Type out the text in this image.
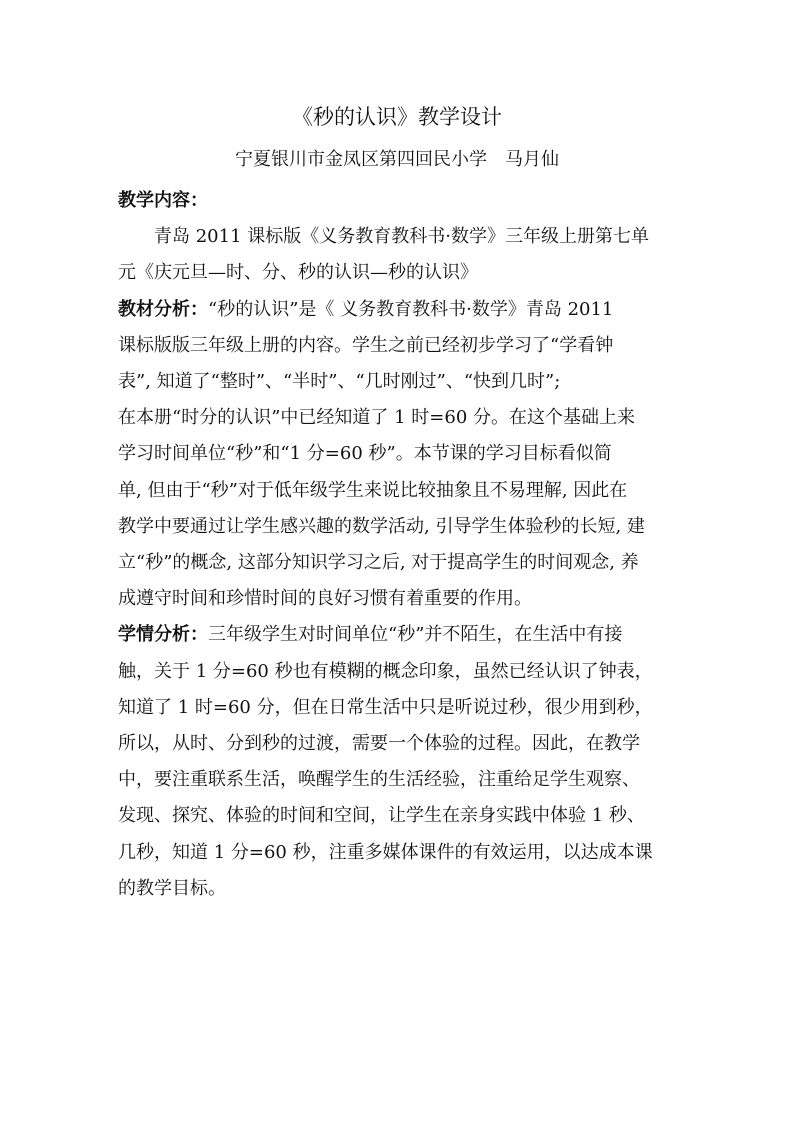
《秒的认识》教学设计
宁夏银川市金凤区第四回民小学　马月仙
教学内容：
青岛 2011 课标版《义务教育教科书·数学》三年级上册第七单
元《庆元旦—时、分、秒的认识—秒的认识》
教材分析：“秒的认识”是《 义务教育教科书·数学》青岛 2011
课标版版三年级上册的内容。学生之前已经初步学习了“学看钟
表”, 知道了“整时”、“半时”、“几时刚过”、“快到几时”;
在本册“时分的认识”中已经知道了 1 时=60 分。在这个基础上来
学习时间单位“秒”和“1 分=60 秒”。本节课的学习目标看似简
单, 但由于“秒”对于低年级学生来说比较抽象且不易理解, 因此在
教学中要通过让学生感兴趣的数学活动, 引导学生体验秒的长短, 建
立“秒”的概念, 这部分知识学习之后, 对于提高学生的时间观念, 养
成遵守时间和珍惜时间的良好习惯有着重要的作用。
学情分析：三年级学生对时间单位“秒”并不陌生，在生活中有接
触，关于 1 分=60 秒也有模糊的概念印象，虽然已经认识了钟表，
知道了 1 时=60 分，但在日常生活中只是听说过秒，很少用到秒，
所以，从时、分到秒的过渡，需要一个体验的过程。因此，在教学
中，要注重联系生活，唤醒学生的生活经验，注重给足学生观察、
发现、探究、体验的时间和空间，让学生在亲身实践中体验 1 秒、
几秒，知道 1 分=60 秒，注重多媒体课件的有效运用，以达成本课
的教学目标。
